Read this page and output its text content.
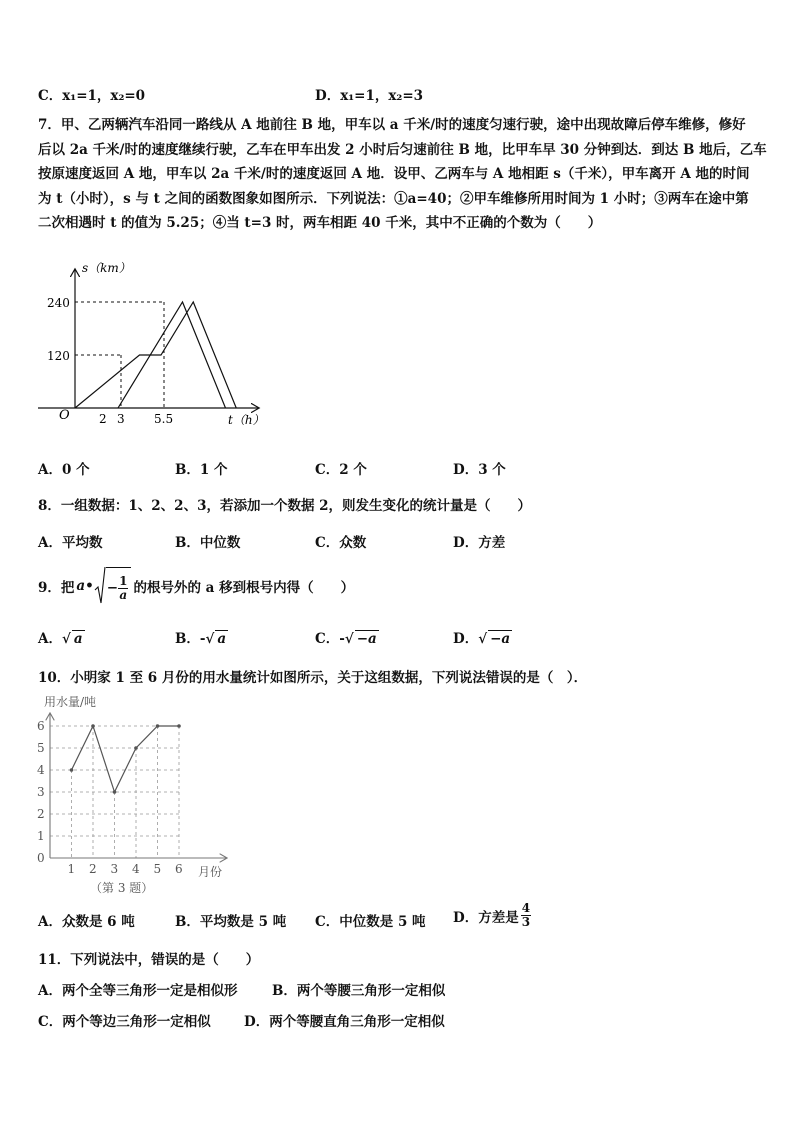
C．x₁=1，x₂=0	D．x₁=1，x₂=3
7．甲、乙两辆汽车沿同一路线从 A 地前往 B 地，甲车以 a 千米/时的速度匀速行驶，途中出现故障后停车维修，修好
后以 2a 千米/时的速度继续行驶，乙车在甲车出发 2 小时后匀速前往 B 地，比甲车早 30 分钟到达．到达 B 地后，乙车
按原速度返回 A 地，甲车以 2a 千米/时的速度返回 A 地．设甲、乙两车与 A 地相距 s（千米），甲车离开 A 地的时间
为 t（小时），s 与 t 之间的函数图象如图所示．下列说法：①a=40；②甲车维修所用时间为 1 小时；③两车在途中第
二次相遇时 t 的值为 5.25；④当 t=3 时，两车相距 40 千米，其中不正确的个数为（　　）
s（km）
t（h）
O
240
120
2 3 5.5
A．0 个	B．1 个	C．2 个	D．3 个
8．一组数据：1、2、2、3，若添加一个数据 2，则发生变化的统计量是（　　）
A．平均数	B．中位数	C．众数	D．方差
9．把 a • − $\frac{1}{a}$ 的根号外的 a 移到根号内得（　　）
A．√ a	B．-√ a	C．-√ −a	D．√ −a
10．小明家 1 至 6 月份的用水量统计如图所示，关于这组数据，下列说法错误的是（　）．
用水量/吨
0
1
2
3
4
5
6
1 2 3 4 5 6 月份
（第 3 题）
A．众数是 6 吨	B．平均数是 5 吨 C．中位数是 5 吨 D．方差是 $\frac{4}{3}$
11．下列说法中，错误的是（　　）
A．两个全等三角形一定是相似形	B．两个等腰三角形一定相似
C．两个等边三角形一定相似 D．两个等腰直角三角形一定相似
